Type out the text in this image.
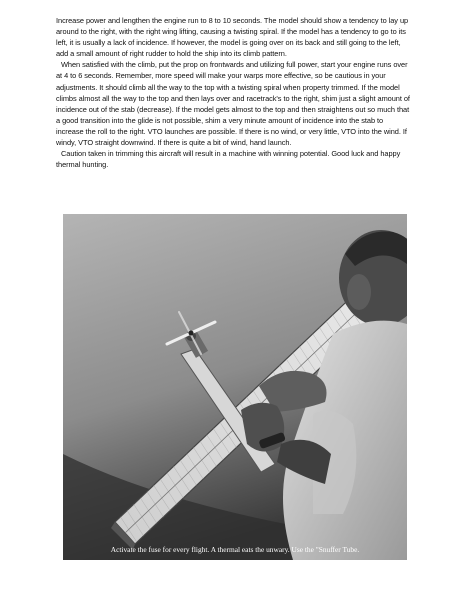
Increase power and lengthen the engine run to 8 to 10 seconds. The model should show a tendency to lay up around to the right, with the right wing lifting, causing a twisting spiral. If the model has a tendency to go to its left, it is usually a lack of incidence. If however, the model is going over on its back and still going to the left, add a small amount of right rudder to hold the ship into its climb pattern.

When satisfied with the climb, put the prop on frontwards and utilizing full power, start your engine runs over at 4 to 6 seconds. Remember, more speed will make your warps more effective, so be cautious in your adjustments. It should climb all the way to the top with a twisting spiral when property trimmed. If the model climbs almost all the way to the top and then lays over and racetrack's to the right, shim just a slight amount of incidence out of the stab (decrease). If the model gets almost to the top and then straightens out so much that a good transition into the glide is not possible, shim a very minute amount of incidence into the stab to increase the roll to the right. VTO launches are possible. If there is no wind, or very little, VTO into the wind. If windy, VTO straight downwind. If there is quite a bit of wind, hand launch.

Caution taken in trimming this aircraft will result in a machine with winning potential. Good luck and happy thermal hunting.

Activate the fuse for every flight. A thermal eats the unwary. Use the "Snuffer Tube.
